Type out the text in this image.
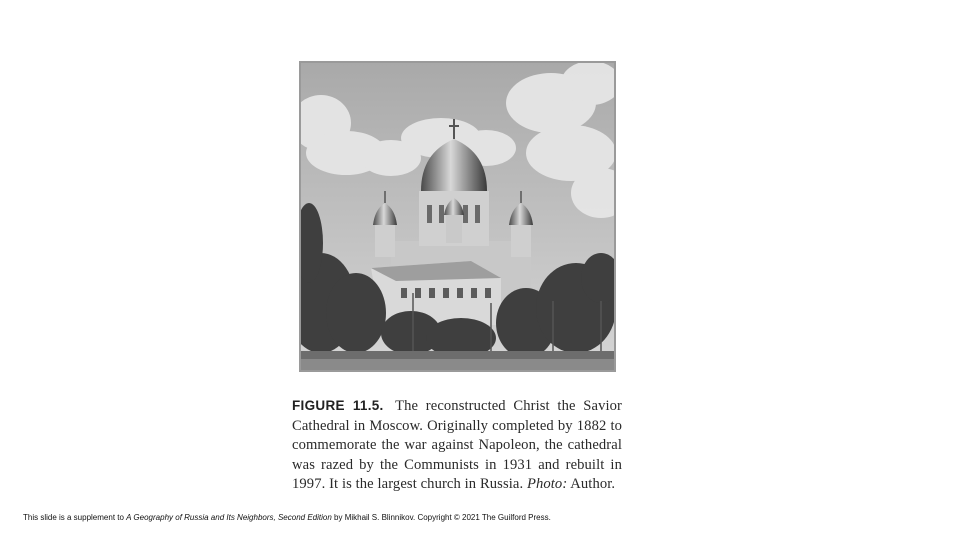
FIGURE 11.5. The reconstructed Christ the Savior Cathedral in Moscow. Originally completed by 1882 to commemorate the war against Napoleon, the cathedral was razed by the Communists in 1931 and rebuilt in 1997. It is the largest church in Russia. Photo: Author.
This slide is a supplement to A Geography of Russia and Its Neighbors, Second Edition by Mikhail S. Blinnikov. Copyright © 2021 The Guilford Press.
